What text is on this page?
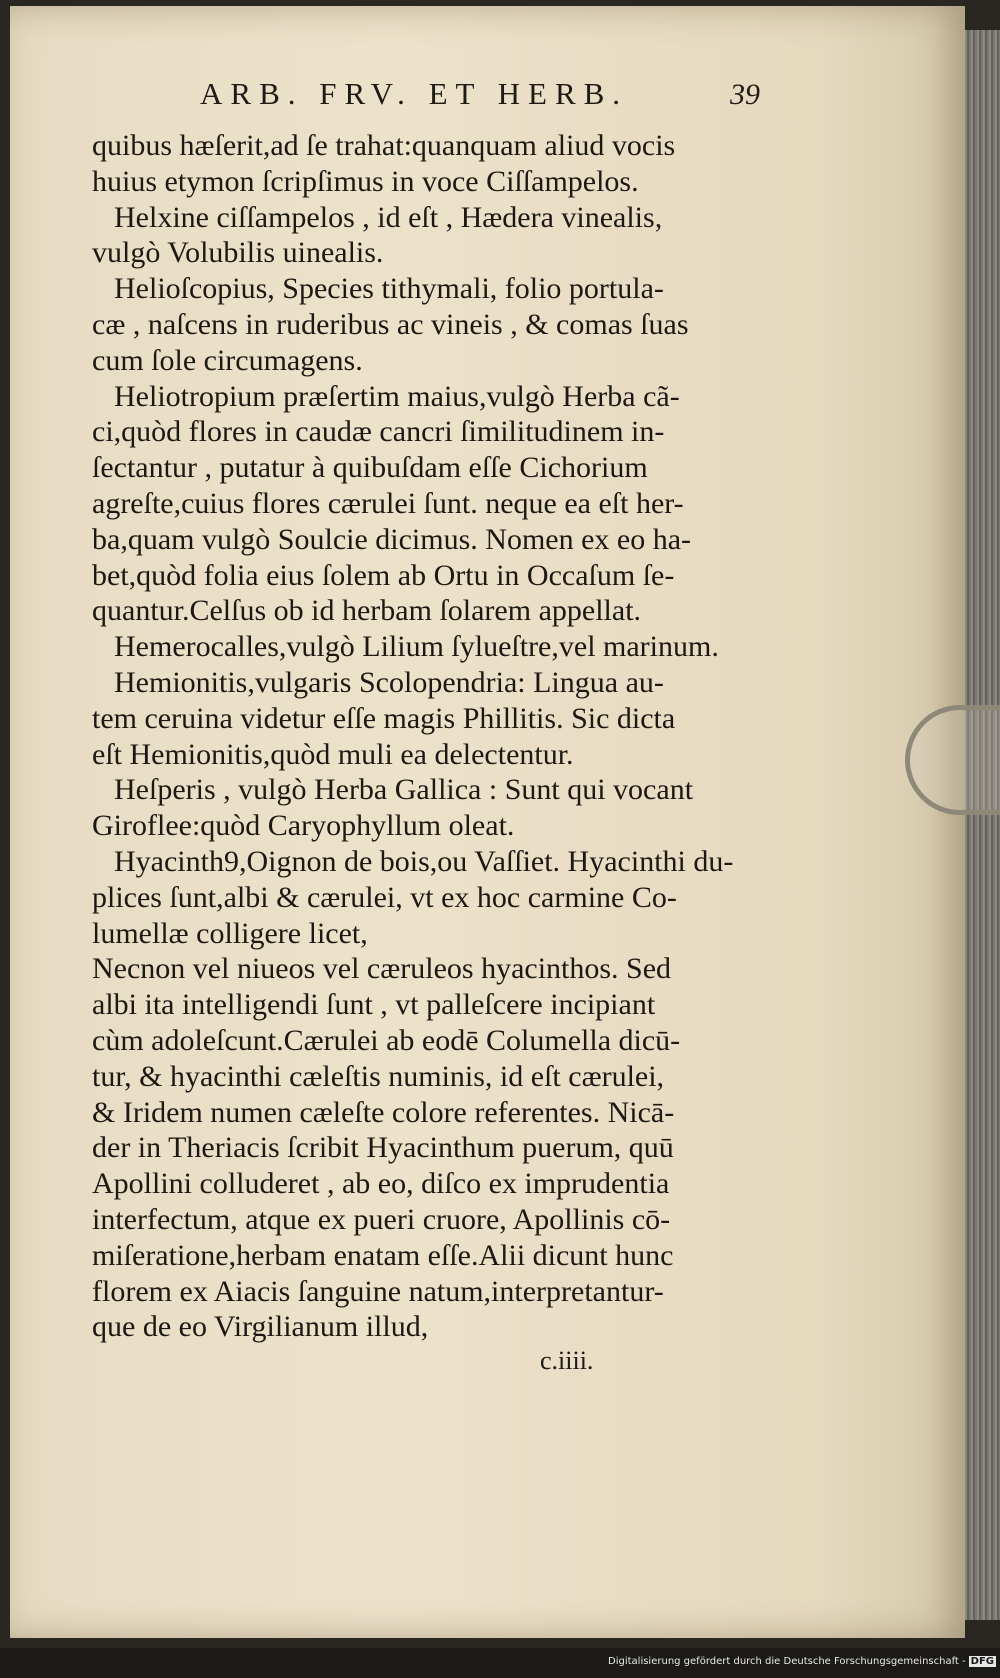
ARB. FRV. ET HERB.	39
quibus hæſerit,ad ſe trahat:quanquam aliud vocis
huius etymon ſcripſimus in voce Ciſſampelos.
Helxine ciſſampelos , id eſt , Hædera vinealis,
vulgò Volubilis uinealis.
Helioſcopius, Species tithymali, folio portula-
cæ , naſcens in ruderibus ac vineis , & comas ſuas
cum ſole circumagens.
Heliotropium præſertim maius,vulgò Herba cã-
ci,quòd flores in caudæ cancri ſimilitudinem in-
ſectantur , putatur à quibuſdam eſſe Cichorium
agreſte,cuius flores cærulei ſunt. neque ea eſt her-
ba,quam vulgò Soulcie dicimus. Nomen ex eo ha-
bet,quòd folia eius ſolem ab Ortu in Occaſum ſe-
quantur.Celſus ob id herbam ſolarem appellat.
Hemerocalles,vulgò Lilium ſylueſtre,vel marinum.
Hemionitis,vulgaris Scolopendria: Lingua au-
tem ceruina videtur eſſe magis Phillitis. Sic dicta
eſt Hemionitis,quòd muli ea delectentur.
Heſperis , vulgò Herba Gallica : Sunt qui vocant
Giroflee:quòd Caryophyllum oleat.
Hyacinth9,Oignon de bois,ou Vaſſiet. Hyacinthi du-
plices ſunt,albi & cærulei, vt ex hoc carmine Co-
lumellæ colligere licet,
Necnon vel niueos vel cæruleos hyacinthos. Sed
albi ita intelligendi ſunt , vt palleſcere incipiant
cùm adoleſcunt.Cærulei ab eodē Columella dicū-
tur, & hyacinthi cæleſtis numinis, id eſt cærulei,
& Iridem numen cæleſte colore referentes. Nicā-
der in Theriacis ſcribit Hyacinthum puerum, quū
Apollini colluderet , ab eo, diſco ex imprudentia
interfectum, atque ex pueri cruore, Apollinis cō-
miſeratione,herbam enatam eſſe.Alii dicunt hunc
florem ex Aiacis ſanguine natum,interpretantur-
que de eo Virgilianum illud,
c.iiii.
Digitalisierung gefördert durch die Deutsche Forschungsgemeinschaft - DFG
